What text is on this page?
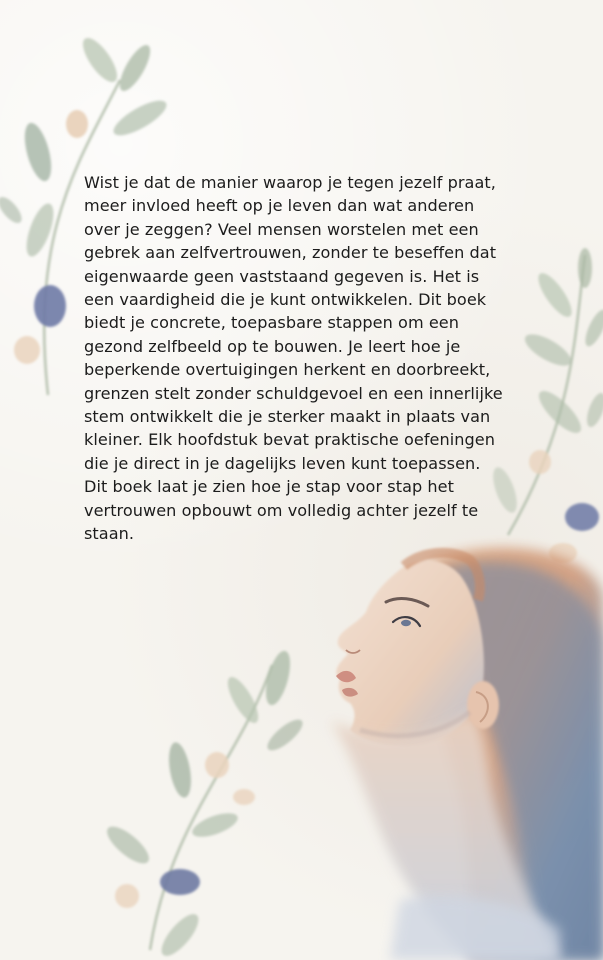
Wist je dat de manier waarop je tegen jezelf praat,
meer invloed heeft op je leven dan wat anderen
over je zeggen? Veel mensen worstelen met een
gebrek aan zelfvertrouwen, zonder te beseffen dat
eigenwaarde geen vaststaand gegeven is. Het is
een vaardigheid die je kunt ontwikkelen. Dit boek
biedt je concrete, toepasbare stappen om een
gezond zelfbeeld op te bouwen. Je leert hoe je
beperkende overtuigingen herkent en doorbreekt,
grenzen stelt zonder schuldgevoel en een innerlijke
stem ontwikkelt die je sterker maakt in plaats van
kleiner. Elk hoofdstuk bevat praktische oefeningen
die je direct in je dagelijks leven kunt toepassen.
Dit boek laat je zien hoe je stap voor stap het
vertrouwen opbouwt om volledig achter jezelf te
staan.
